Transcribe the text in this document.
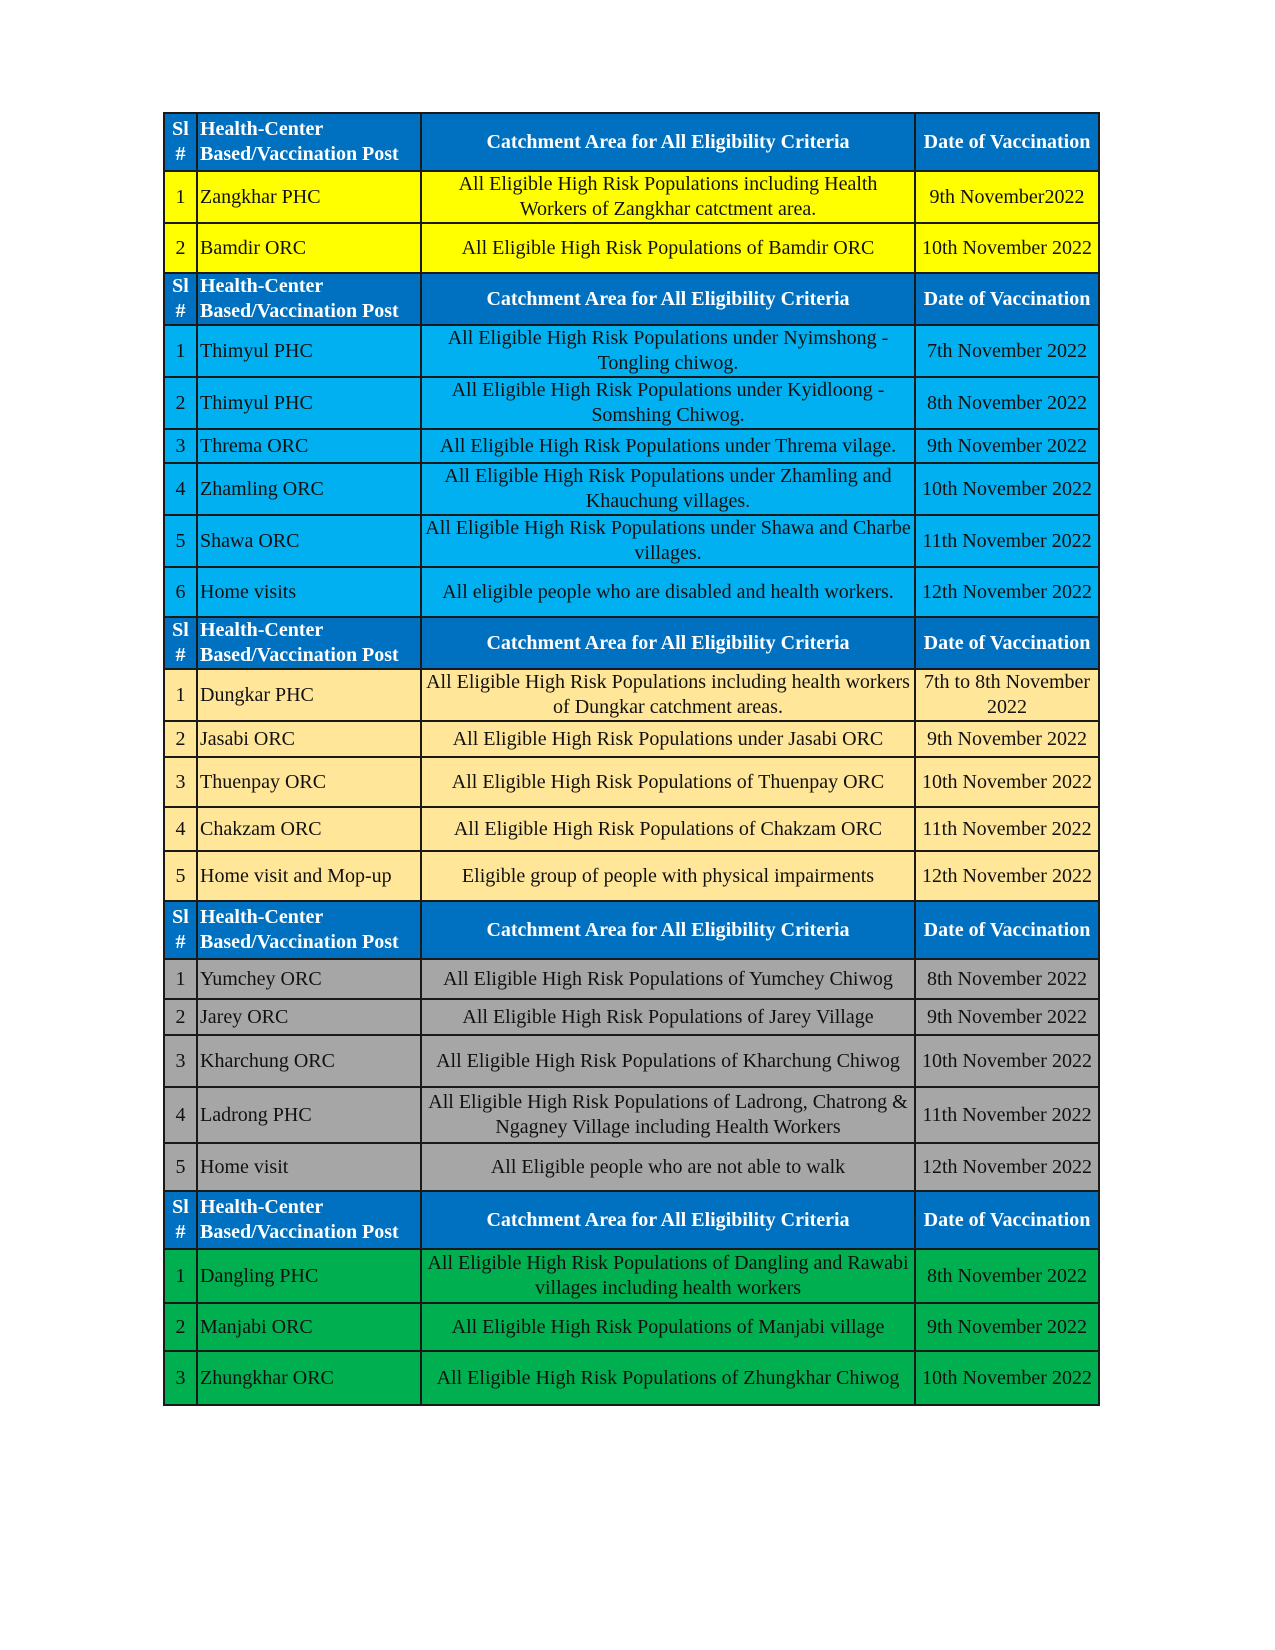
Sl #	Health-Center Based/Vaccination Post	Catchment Area for All Eligibility Criteria	Date of Vaccination
1	Zangkhar PHC	All Eligible High Risk Populations including Health Workers of Zangkhar catctment area.	9th November2022
2	Bamdir ORC	All Eligible High Risk Populations of Bamdir ORC	10th November 2022
Sl #	Health-Center Based/Vaccination Post	Catchment Area for All Eligibility Criteria	Date of Vaccination
1	Thimyul PHC	All Eligible High Risk Populations under Nyimshong - Tongling chiwog.	7th November 2022
2	Thimyul PHC	All Eligible High Risk Populations under Kyidloong - Somshing Chiwog.	8th November 2022
3	Threma ORC	All Eligible High Risk Populations under Threma vilage.	9th November 2022
4	Zhamling ORC	All Eligible High Risk Populations under Zhamling and Khauchung villages.	10th November 2022
5	Shawa ORC	All Eligible High Risk Populations under Shawa and Charbe villages.	11th November 2022
6	Home visits	All eligible people who are disabled and health workers.	12th November 2022
Sl #	Health-Center Based/Vaccination Post	Catchment Area for All Eligibility Criteria	Date of Vaccination
1	Dungkar PHC	All Eligible High Risk Populations including health workers of Dungkar catchment areas.	7th to 8th November 2022
2	Jasabi ORC	All Eligible High Risk Populations under Jasabi ORC	9th November 2022
3	Thuenpay ORC	All Eligible High Risk Populations of Thuenpay ORC	10th November 2022
4	Chakzam ORC	All Eligible High Risk Populations of Chakzam ORC	11th November 2022
5	Home visit and Mop-up	Eligible group of people with physical impairments	12th November 2022
Sl #	Health-Center Based/Vaccination Post	Catchment Area for All Eligibility Criteria	Date of Vaccination
1	Yumchey ORC	All Eligible High Risk Populations of Yumchey Chiwog	8th November 2022
2	Jarey ORC	All Eligible High Risk Populations of Jarey Village	9th November 2022
3	Kharchung ORC	All Eligible High Risk Populations of Kharchung Chiwog	10th November 2022
4	Ladrong PHC	All Eligible High Risk Populations of Ladrong, Chatrong & Ngagney Village including Health Workers	11th November 2022
5	Home visit	All Eligible people who are not able to walk	12th November 2022
Sl #	Health-Center Based/Vaccination Post	Catchment Area for All Eligibility Criteria	Date of Vaccination
1	Dangling PHC	All Eligible High Risk Populations of Dangling and Rawabi villages including health workers	8th November 2022
2	Manjabi ORC	All Eligible High Risk Populations of Manjabi village	9th November 2022
3	Zhungkhar ORC	All Eligible High Risk Populations of Zhungkhar Chiwog	10th November 2022
